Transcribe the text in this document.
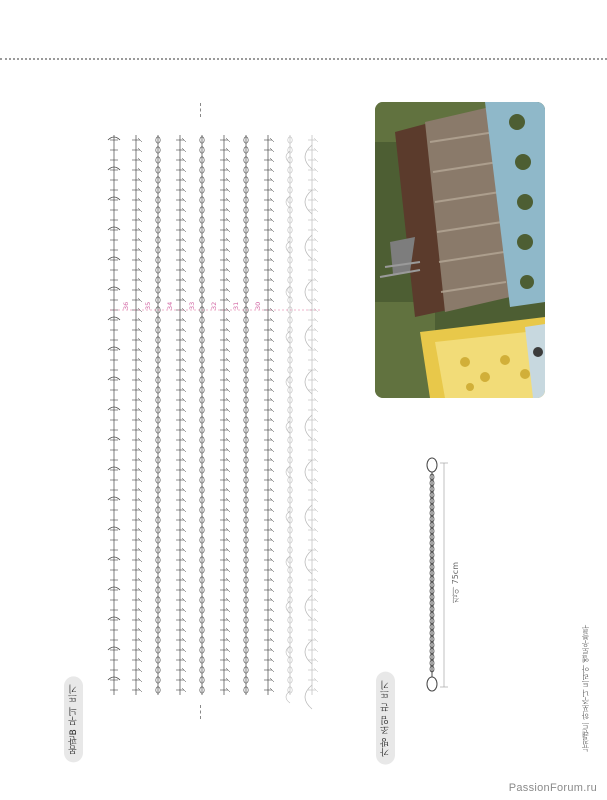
36 35 34 33 32 31 30
몸판B 무늬 뜨기	가방 조임 끈 뜨기
길이 75cm
뉴질랜드 하포주니 트리아 옐로우블루
PassionForum.ru
